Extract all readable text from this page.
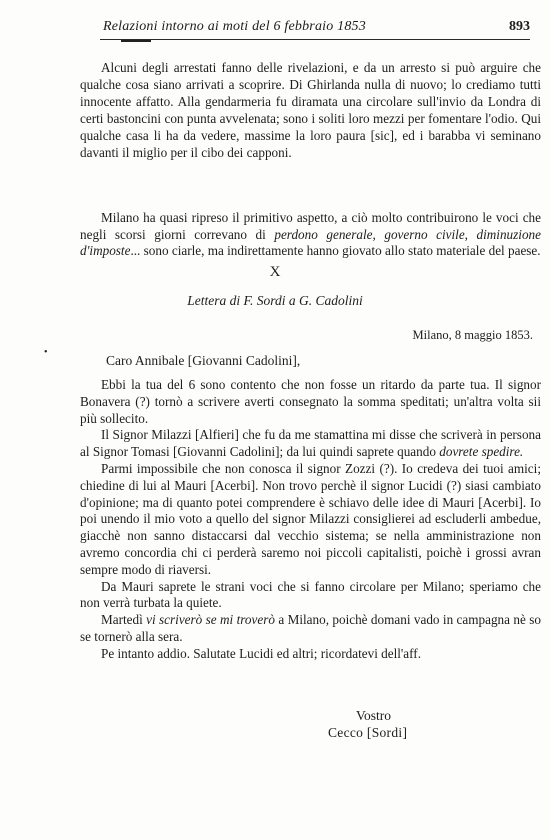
Relazioni intorno ai moti del 6 febbraio 1853	893

Alcuni degli arrestati fanno delle rivelazioni, e da un arresto si può arguire che qualche cosa siano arrivati a scoprire. Di Ghirlanda nulla di nuovo; lo crediamo tutti innocente affatto. Alla gendarmeria fu diramata una circolare sull'invio da Londra di certi bastoncini con punta avvelenata; sono i soliti loro mezzi per fomentare l'odio. Qui qualche casa li ha da vedere, massime la loro paura [sic], ed i barabba vi seminano davanti il miglio per il cibo dei capponi.

Milano ha quasi ripreso il primitivo aspetto, a ciò molto contribuirono le voci che negli scorsi giorni correvano di perdono generale, governo civile, diminuzione d'imposte... sono ciarle, ma indirettamente hanno giovato allo stato materiale del paese.

X
Lettera di F. Sordi a G. Cadolini
Milano, 8 maggio 1853.
•
Caro Annibale [Giovanni Cadolini],

Ebbi la tua del 6 sono contento che non fosse un ritardo da parte tua. Il signor Bonavera (?) tornò a scrivere averti consegnato la somma speditati; un'altra volta sii più sollecito.

Il Signor Milazzi [Alfieri] che fu da me stamattina mi disse che scriverà in persona al Signor Tomasi [Giovanni Cadolini]; da lui quindi saprete quando dovrete spedire.

Parmi impossibile che non conosca il signor Zozzi (?). Io credeva dei tuoi amici; chiedine di lui al Mauri [Acerbi]. Non trovo perchè il signor Lucidi (?) siasi cambiato d'opinione; ma di quanto potei comprendere è schiavo delle idee di Mauri [Acerbi]. Io poi unendo il mio voto a quello del signor Milazzi consiglierei ad escluderli ambedue, giacchè non sanno distaccarsi dal vecchio sistema; se nella amministrazione non avremo concordia chi ci perderà saremo noi piccoli capitalisti, poichè i grossi avran sempre modo di riaversi.

Da Mauri saprete le strani voci che si fanno circolare per Milano; speriamo che non verrà turbata la quiete.

Martedì vi scriverò se mi troverò a Milano, poichè domani vado in campagna nè so se tornerò alla sera.

Pe intanto addio. Salutate Lucidi ed altri; ricordatevi dell'aff.

Vostro
Cecco [Sordi]
